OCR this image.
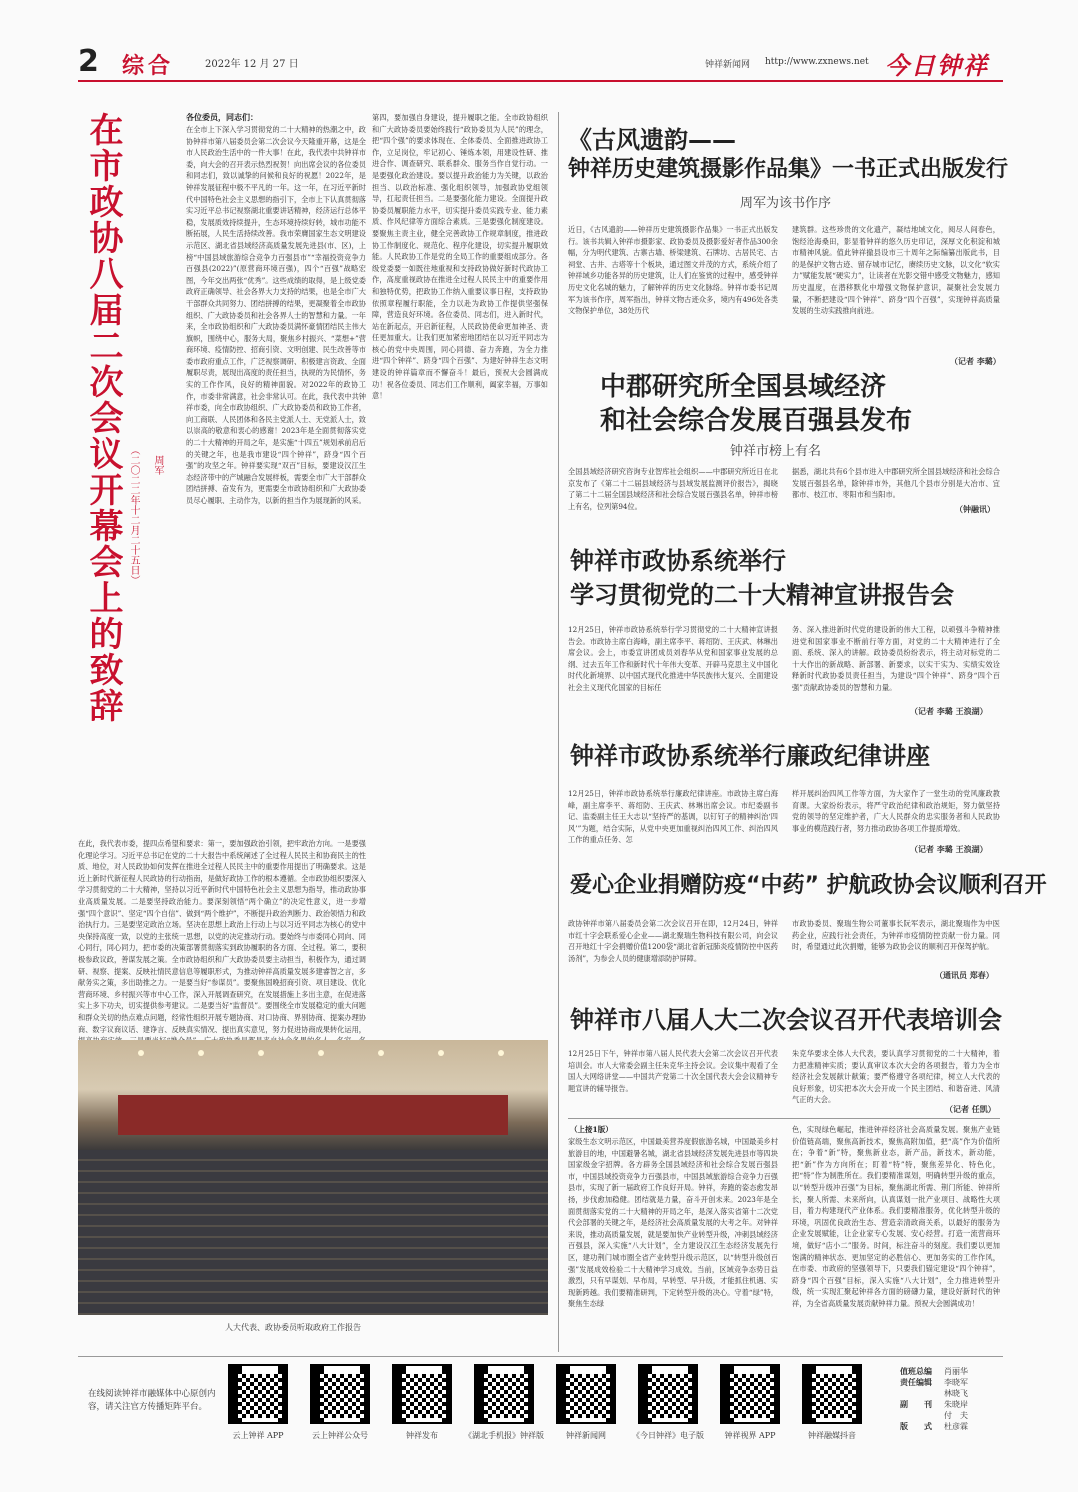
2 综合	2022年 12 月 27 日	钟祥新闻网 http://www.zxnews.net 今日钟祥
在市政协八届二次会议开幕会上的致辞 （二〇二二年十二月二十五日） 周军
各位委员，同志们：
在全市上下深入学习贯彻党的二十大精神的热潮之中，政协钟祥市第八届委员会第二次会议今天隆重开幕，这是全市人民政治生活中的一件大事！在此，我代表中共钟祥市委，向大会的召开表示热烈祝贺！向出席会议的各位委员和同志们，致以诚挚的问候和良好的祝愿！2022年，是钟祥发展征程中极不平凡的一年。这一年，在习近平新时代中国特色社会主义思想的指引下，全市上下认真贯彻落实习近平总书记视察湖北重要讲话精神，经济运行总体平稳，发展质效持续提升，生态环境持续好转，城市功能不断拓展，人民生活持续改善。我市荣膺国家生态文明建设示范区、湖北省县域经济高质量发展先进县(市、区)，上榜“中国县域旅游综合竞争力百强县市”“幸福投资竞争力百强县(2022)”(原营商环境百强)，四个“百强”战略宏图，今年交出两张“优秀”。这些成绩的取得，是上级党委政府正确领导、社会各界大力支持的结果，也是全市广大干部群众共同努力、团结拼搏的结果，更凝聚着全市政协组织、广大政协委员和社会各界人士的智慧和力量。一年来，全市政协组织和广大政协委员满怀豪情团结民主伟大旗帜，围绕中心，服务大局，聚焦乡村振兴、“菜想+”营商环境、疫情防控、招商引资、文明创建、民生改善等市委市政府重点工作，广泛视察调研、积极建言资政、全面履职尽责，展现出高度的责任担当，执规的为民情怀，务实的工作作风，良好的精神面貌。对2022年的政协工作，市委非常满意，社会非常认可。在此，我代表中共钟祥市委，向全市政协组织、广大政协委员和政协工作者，向工商联、人民团体和各民主党派人士、无党派人士，致以崇高的敬意和衷心的感谢！2023年是全面贯彻落实党的二十大精神的开局之年，是实施“十四五”规划承前启后的关键之年，也是我市建设“四个钟祥”，跻身“四个百强”的攻坚之年。钟祥要实现“双百”目标，要建设汉江生态经济带中的产城融合发展样板，需要全市广大干部群众团结拼搏、奋发有为，更需要全市政协组织和广大政协委员尽心履职、主动作为，以新的担当作为展现新的风采。
在此，我代表市委，提四点希望和要求：第一，要加强政治引领，把牢政治方向。一是要强化理论学习。习近平总书记在党的二十大报告中系统阐述了全过程人民民主和协商民主的性质、地位，对人民政协如何发挥在推进全过程人民民主中的重要作用提出了明确要求。这是近上新时代新征程人民政协的行动指南，是做好政协工作的根本遵循。全市政协组织要深入学习贯彻党的二十大精神，坚持以习近平新时代中国特色社会主义思想为指导，推动政协事业高质量发展。二是要坚持政治能力。要深刻领悟“两个确立”的决定性意义，进一步增强“四个意识”、坚定“四个自信”、做到“两个维护”，不断提升政治判断力、政治领悟力和政治执行力。三是要坚定政治立场。坚决在思想上政治上行动上与以习近平同志为核心的党中央保持高度一致，以党的主张统一思想，以党的决定推动行动。要始终与市委同心同向、同心同行，同心同力，把市委的决策部署贯彻落实到政协履职的各方面、全过程。第二，要积极参政议政，善谋发展之策。全市政协组织和广大政协委员要主动担当，积极作为，通过调研、视察、提案、反映社情民意信息等履职形式，为推动钟祥高质量发展多建睿智之言，多献务实之策，多出助推之力。一是要当好“参谋员”。要聚焦国晚招商引资、项目建设、优化营商环境、乡村振兴等市中心工作，深入开展调查研究，在发展措施上多出主意，在促进落实上多下功夫，切实提供参考建议。二是要当好“监督员”。要围绕全市发展稳定的重大问题和群众关切的热点难点问题，经常性组织开展专题协商、对口协商、界别协商、提案办理协商、数字议商议话、建诤言、反映真实情况、提出真实意见，努力促进协商成果转化运用，
第四，要加强自身建设，提升履职之能。全市政协组织和广大政协委员要始终践行“政协委员为人民”的理念，把“四个强”的要求体现在、全体委员、全面推进政协工作，立足岗位，牢记初心、锤炼本领，用建设性研、推进合作、调查研究、联系群众、服务当作自觉行动。一是要强化政治建设。要以提升政治能力为关键，以政治担当、以政治标准、强化组织领导，加强政协党组领导，扛起责任担当。二是要强化能力建设。全面提升政协委员履职能力水平，切实提升委员实践专业、能力素质、作风纪律等方面综合素质。三是要强化制度建设。要聚焦主责主业，健全完善政协工作规章制度，推进政协工作制度化、规范化、程序化建设，切实提升履职效能。人民政协工作是党的全局工作的重要组成部分。各级党委要一如既往地重视和支持政协做好新时代政协工作，高度重视政协在推进全过程人民民主中的重要作用和独特优势，把政协工作纳入重要议事日程，支持政协依照章程履行职能，全力以赴为政协工作提供坚强保障，营造良好环境。各位委员、同志们，进入新时代，站在新起点，开启新征程，人民政协使命更加神圣、责任更加重大。让我们更加紧密地团结在以习近平同志为核心的党中央周围，同心同德、奋力奔跑，为全力推进“四个钟祥”、跻身“四个百强”、为建好钟祥生态文明建设的钟祥篇章而不懈奋斗！最后，预祝大会圆满成功！祝各位委员、同志们工作顺利，阖家幸福，万事如意！
人大代表、政协委员听取政府工作报告
《古风遗韵——
钟祥历史建筑摄影作品集》一书正式出版发行
周军为该书作序
近日，《古风遗韵——钟祥历史建筑摄影作品集》一书正式出版发行。该书共辑入钟祥市摄影家、政协委员及摄影爱好者作品300余幅，分为明代建筑、古寨古墙、桥梁建筑、石牌坊、古居民宅、古祠堂、古井、古塔等十个板块，通过图文并茂的方式，系统介绍了钟祥域乡功能各异的历史建筑，让人们在鉴赏的过程中，感受钟祥历史文化名城的魅力，了解钟祥的历史文化脉络。钟祥市委书记周军为该书作序，周军指出，钟祥文物古迹众多，境内有496处各类文物保护单位，38处历代
建筑群。这些珍贵的文化遗产，凝结地域文化，阅尽人间春色，饱经沧海桑田，影显着钟祥的悠久历史印记，深厚文化积淀和城市精神风貌。值此钟祥撤县设市三十周年之际编纂出版此书，目的是保护文物古迹、留存城市记忆，赓续历史文脉，以文化“软实力”赋能发展“硬实力”，让读者在光影交错中感受文物魅力，感知历史温度，在潜移默化中增强文物保护意识，凝聚社会发展力量，不断把建设“四个钟祥”、跻身“四个百强”，实现钟祥高质量发展的生动实践推向前进。
（记者 李璐）
中郡研究所全国县域经济
和社会综合发展百强县发布
钟祥市榜上有名
全国县域经济研究咨询专业智库社会组织——中郡研究所近日在北京发布了《第二十二届县域经济与县域发展监测评价报告》，揭晓了第二十二届全国县域经济和社会综合发展百强县名单，钟祥市榜上有名，位列第94位。
据悉，湖北共有6个县市进入中郡研究所全国县域经济和社会综合发展百强县名单，除钟祥市外，其他几个县市分别是大冶市、宜都市、枝江市、枣阳市和当阳市。
（钟融讯）
钟祥市政协系统举行
学习贯彻党的二十大精神宣讲报告会
12月25日，钟祥市政协系统举行学习贯彻党的二十大精神宣讲报告会。市政协主席白海峰，副主席李平、蒋绍防、王庆武、林琳出席会议。会上，市委宣讲团成员刘春华从党和国家事业发展的总纲、过去五年工作和新时代十年伟大变革、开辟马克思主义中国化时代化新境界、以中国式现代化推进中华民族伟大复兴、全面建设社会主义现代化国家的目标任
务、深入推进新时代党的建设新的伟大工程，以顽强斗争精神推进党和国家事业不断前行等方面，对党的二十大精神进行了全面、系统、深入的讲解。政协委员纷纷表示，将主动对标党的二十大作出的新战略、新部署、新要求，以实干实为、实绩实效诠释新时代政协委员责任担当，为建设“四个钟祥”、跻身“四个百强”贡献政协委员的智慧和力量。
（记者 李璐 王浪湖）
钟祥市政协系统举行廉政纪律讲座
12月25日，钟祥市政协系统举行廉政纪律讲座。市政协主席白海峰，副主席李平、蒋绍防、王庆武、林琳出席会议。市纪委副书记、监委副主任王大志以“坚持严的基调，以钉钉子的精神纠治‘四风’”为题，结合实际，从党中央更加重视纠治四风工作、纠治四风工作的重点任务、怎
样开展纠治四风工作等方面，为大家作了一堂生动的党风廉政教育课。大家纷纷表示，将严守政治纪律和政治规矩，努力做坚持党的领导的坚定维护者，广大人民群众的忠实服务者和人民政协事业的模范践行者，努力推动政协各项工作提质增效。
（记者 李璐 王浪湖）
爱心企业捐赠防疫“中药” 护航政协会议顺利召开
政协钟祥市第八届委员会第二次会议召开在即，12月24日，钟祥市红十字会联系爱心企业——湖北聚瑞生物科技有限公司，向会议召开地红十字会捐赠价值1200袋“湖北省新冠肺炎疫情防控中医药汤剂”，为参会人员的健康增添防护屏障。
市政协委员、聚瑞生物公司董事长阮军表示，湖北聚瑞作为中医药企业，应践行社会责任，为钟祥市疫情防控贡献一份力量。同时，希望通过此次捐赠，能够为政协会议的顺利召开保驾护航。
（通讯员 郑春）
钟祥市八届人大二次会议召开代表培训会
12月25日下午，钟祥市第八届人民代表大会第二次会议召开代表培训会。市人大常委会副主任朱克华主持会议。会议集中观看了全国人大网络讲堂——中国共产党第二十次全国代表大会会议精神专题宣讲的辅导报告。
朱克华要求全体人大代表，要认真学习贯彻党的二十大精神，着力把准精神实质；要认真审议本次大会的各项报告，着力为全市经济社会发展献计献策；要严格遵守各项纪律，树立人大代表的良好形象，切实把本次大会开成一个民主团结、和谐奋进、风清气正的大会。
（记者 任凯）
（上接1版）
家级生态文明示范区，中国最美营养度假旅游名城，中国最美乡村旅游目的地，中国避暑名城，湖北省县域经济发展先进县市等四块国家级金字招牌。各方辟务全国县域经济和社会综合发展百强县市，中国县域投资竞争力百强县市，中国县域旅游综合竞争力百强县市，实现了新一届政府工作良好开局。钟祥，奔跑的姿态愈发昂扬，步伐愈加稳健。团结就是力量，奋斗开创未来。2023年是全面贯彻落实党的二十大精神的开局之年，是深入落实省第十二次党代会部署的关键之年，是经济社会高质量发展的大考之年。对钟祥来说，推动高质量发展，就是要加快产业转型升级，冲刺县域经济百强县，深入实施“八大计划”，全力建设汉江生态经济发展先行区，建功荆门城市圈全省产业转型升级示范区，以“转型升级创百强”发展成效检验二十大精神学习成效。当前，区域竞争态势日益激烈，只有早谋划、早布局，早转型、早升级，才能抓住机遇、实现新跨越。我们要精准研判，下定转型升级的决心。守着“绿”特，聚焦生态绿
色，实现绿色崛起，推进钟祥经济社会高质量发展。聚焦产业链价值链高端，聚焦高新技术，聚焦高附加值，把“高”作为价值所在；争着“新”特，聚焦新业态，新产品，新技术，新动能，把“新”作为方向所在；盯着“特”特，聚焦差异化、特色化，把“特”作为制胜所在。我们要精准谋划，明确转型升级的重点，以“转型升级冲百强”为目标，聚焦湖北所需、荆门所能、钟祥所长，聚人所需、未来所向，认真谋划一批产业项目、战略性大项目，着力构建现代产业体系。我们要精准服务，优化转型升级的环境，巩固优良政治生态、营造亲清政商关系，以最好的服务为企业发展赋能，让企业家专心发展、安心经营。打造一流营商环境，做好“店小二”服务。时间，标注奋斗的刻度。我们要以更加饱满的精神状态、更加坚定的必胜信心、更加务实的工作作风，在市委、市政府的坚强领导下，只要我们锚定建设“四个钟祥”，跻身“四个百强”目标，深入实施“八大计划”，全力推进转型升级，统一实现汇聚起钟祥各方面的磅礴力量，建设好新时代的钟祥，为全省高质量发展贡献钟祥力量。预祝大会圆满成功！
在线阅读钟祥市融媒体中心原创内容，请关注官方传播矩阵平台。
云上钟祥 APP	云上钟祥公众号	钟祥发布	《湖北手机报》钟祥版	钟祥新闻网	《今日钟祥》电子版	钟祥视界 APP	钟祥融媒抖音
值班总编 肖丽华
责任编辑 李晓军
林晓飞
副　　刊 朱晓岸
付　夫
版　　式 杜彦霖
